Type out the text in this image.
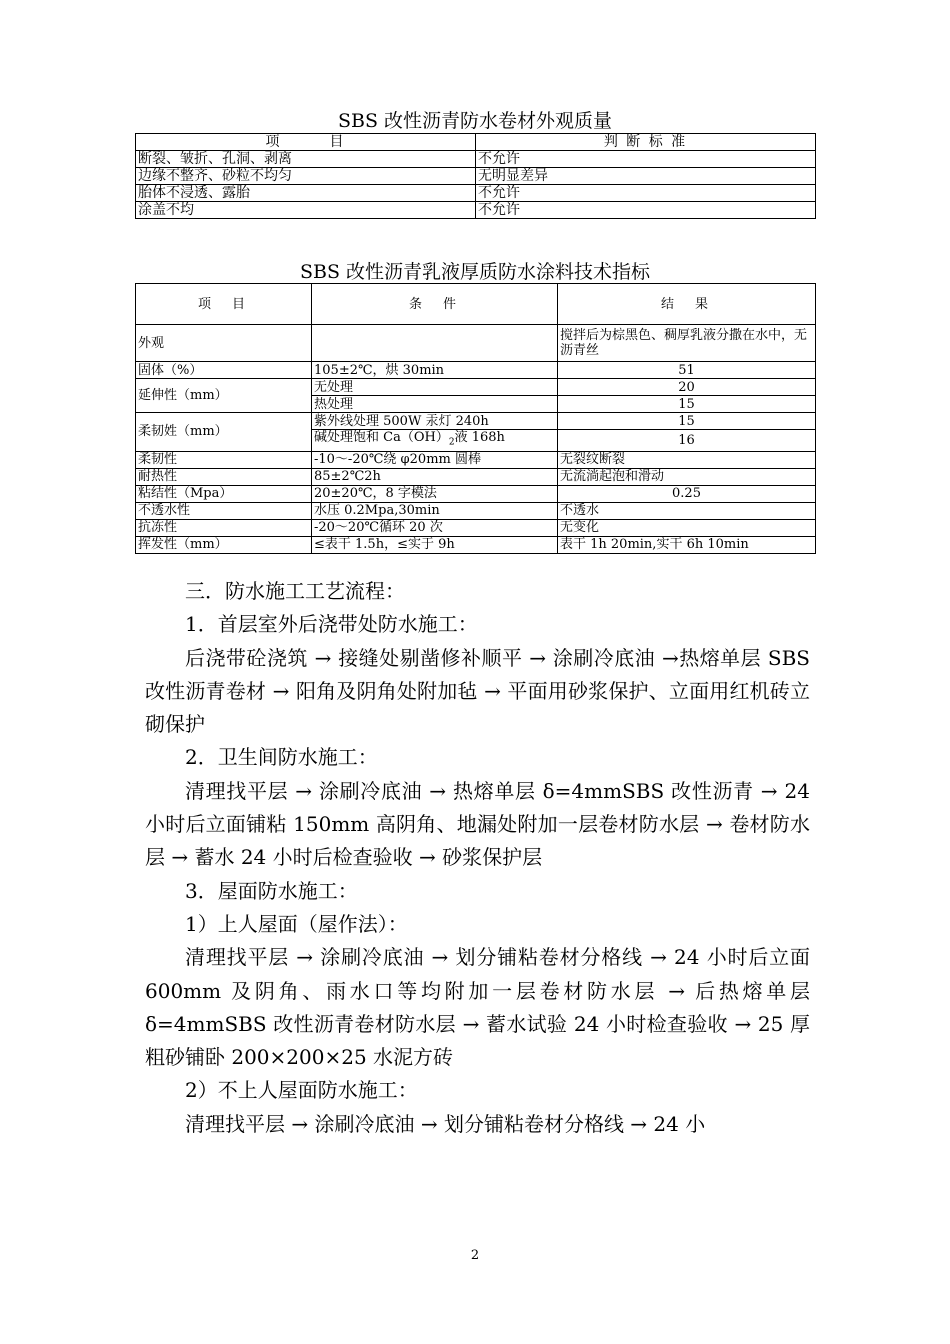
SBS 改性沥青防水卷材外观质量
项　　　目	判 断 标 准
断裂、皱折、孔洞、剥离	不允许
边缘不整齐、砂粒不均匀	无明显差异
胎体不浸透、露胎	不允许
涂盖不均	不允许
SBS 改性沥青乳液厚质防水涂料技术指标
项　目	条　件	结　果
外观		搅拌后为棕黑色、稠厚乳液分撒在水中，无沥青丝
固体（%）	105±2℃，烘 30min	51
延伸性（mm）	无处理	20
	热处理	15
柔韧姓（mm）	紫外线处理 500W 汞灯 240h	15
	碱处理饱和 $Ca(OH)_2$液 168h	16
柔韧性	-10～-20℃绕 φ20mm 圆棒	无裂纹断裂
耐热性	85±2℃2h	无流淌起泡和滑动
粘结性（Mpa）	20±20℃，8 字模法	0.25
不透水性	水压 0.2Mpa,30min	不透水
抗冻性	-20～20℃循环 20 次	无变化
挥发性（mm）	≤表干 1.5h，≤实于 9h	表干 1h 20min,实干 6h 10min

三．防水施工工艺流程：

1．首层室外后浇带处防水施工：

后浇带砼浇筑 → 接缝处剔凿修补顺平 → 涂刷冷底油 →热熔单层 SBS 改性沥青卷材 → 阳角及阴角处附加毡 → 平面用砂浆保护、立面用红机砖立砌保护

2．卫生间防水施工：

清理找平层 → 涂刷冷底油 → 热熔单层 δ=4mmSBS 改性沥青 → 24 小时后立面铺粘 150mm 高阴角、地漏处附加一层卷材防水层 → 卷材防水层 → 蓄水 24 小时后检查验收 → 砂浆保护层

3．屋面防水施工：

1）上人屋面（屋作法）：

清理找平层 → 涂刷冷底油 → 划分铺粘卷材分格线 → 24 小时后立面 600mm 及阴角、雨水口等均附加一层卷材防水层 → 后热熔单层 δ=4mmSBS 改性沥青卷材防水层 → 蓄水试验 24 小时检查验收 → 25 厚粗砂铺卧 200×200×25 水泥方砖

2）不上人屋面防水施工：

清理找平层 → 涂刷冷底油 → 划分铺粘卷材分格线 → 24 小

2
